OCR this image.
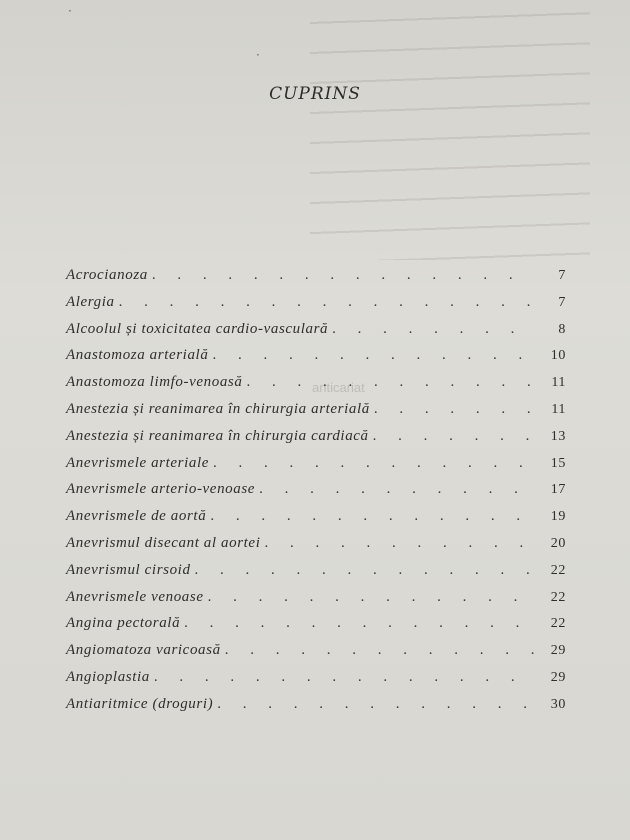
·
·
CUPRINS
anticariat
Acrocianoza . . .	7
Alergia . . .	7
Alcoolul și toxicitatea cardio-vasculară . . .	8
Anastomoza arterială . . .	10
Anastomoza limfo-venoasă . . .	11
Anestezia și reanimarea în chirurgia arterială . . .	11
Anestezia și reanimarea în chirurgia cardiacă . . .	13
Anevrismele arteriale . . .	15
Anevrismele arterio-venoase . . .	17
Anevrismele de aortă . . .	19
Anevrismul disecant al aortei . . .	20
Anevrismul cirsoid . . .	22
Anevrismele venoase . . .	22
Angina pectorală . . .	22
Angiomatoza varicoasă . . .	29
Angioplastia . . .	29
Antiaritmice (droguri) . . .	30
